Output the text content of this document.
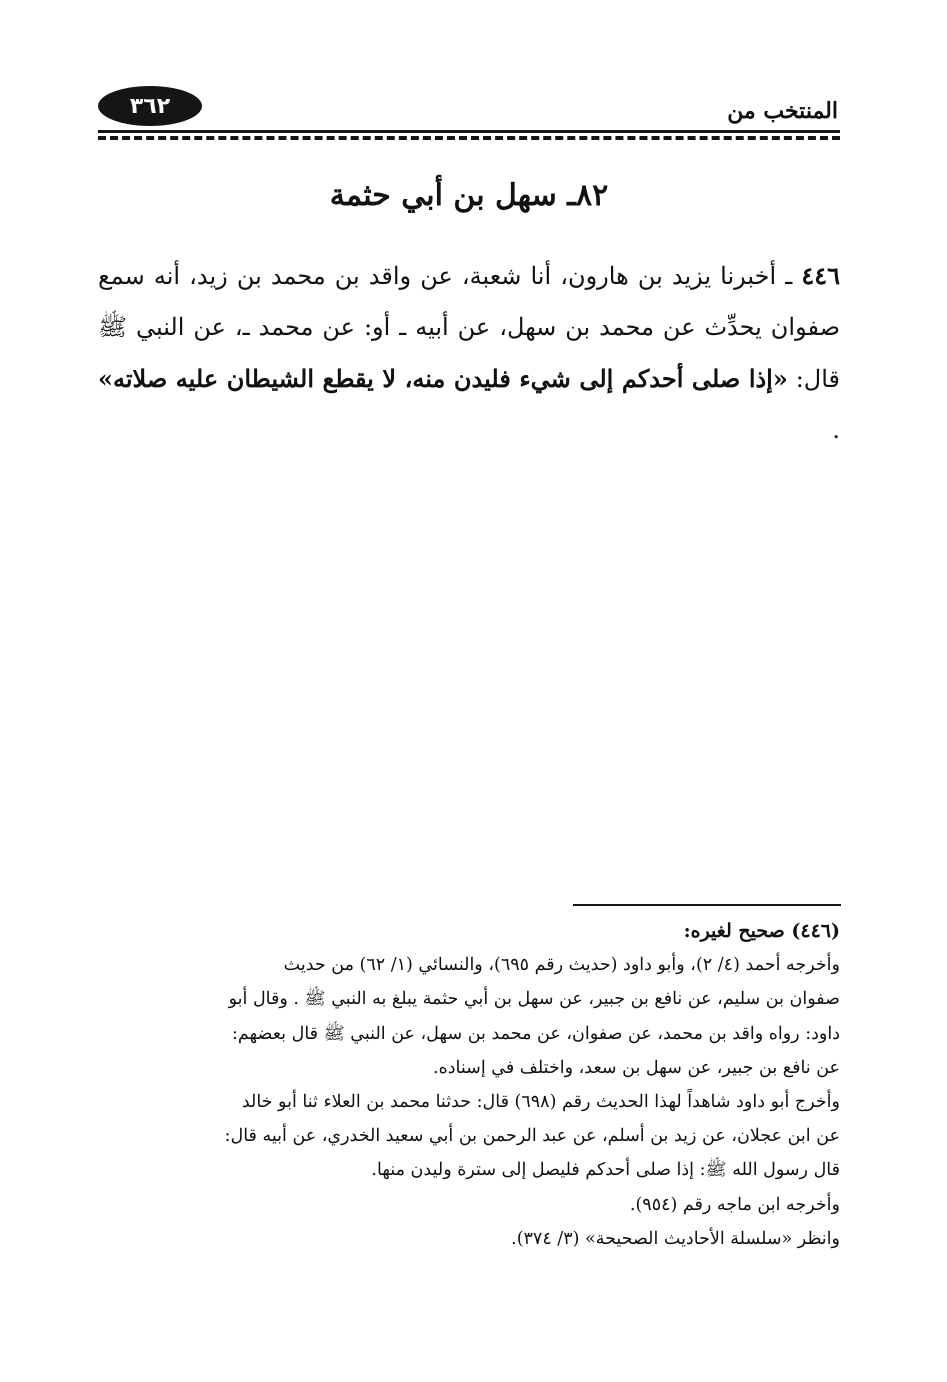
٣٦٢	المنتخب من
٨٢ـ سهل بن أبي حثمة
٤٤٦ ـ أخبرنا يزيد بن هارون، أنا شعبة، عن واقد بن محمد بن زيد، أنه سمع صفوان يحدِّث عن محمد بن سهل، عن أبيه ـ أو: عن محمد ـ، عن النبي ﷺ قال: «إذا صلى أحدكم إلى شيء فليدن منه، لا يقطع الشيطان عليه صلاته» .
(٤٤٦) صحيح لغيره:
وأخرجه أحمد (٤/ ٢)، وأبو داود (حديث رقم ٦٩٥)، والنسائي (١/ ٦٢) من حديث
صفوان بن سليم، عن نافع بن جبير، عن سهل بن أبي حثمة يبلغ به النبي ﷺ . وقال أبو
داود: رواه واقد بن محمد، عن صفوان، عن محمد بن سهل، عن النبي ﷺ قال بعضهم:
عن نافع بن جبير، عن سهل بن سعد، واختلف في إسناده.
وأخرج أبو داود شاهداً لهذا الحديث رقم (٦٩٨) قال: حدثنا محمد بن العلاء ثنا أبو خالد
عن ابن عجلان، عن زيد بن أسلم، عن عبد الرحمن بن أبي سعيد الخدري، عن أبيه قال:
قال رسول الله ﷺ: إذا صلى أحدكم فليصل إلى سترة وليدن منها.
وأخرجه ابن ماجه رقم (٩٥٤).
وانظر «سلسلة الأحاديث الصحيحة» (٣/ ٣٧٤).
